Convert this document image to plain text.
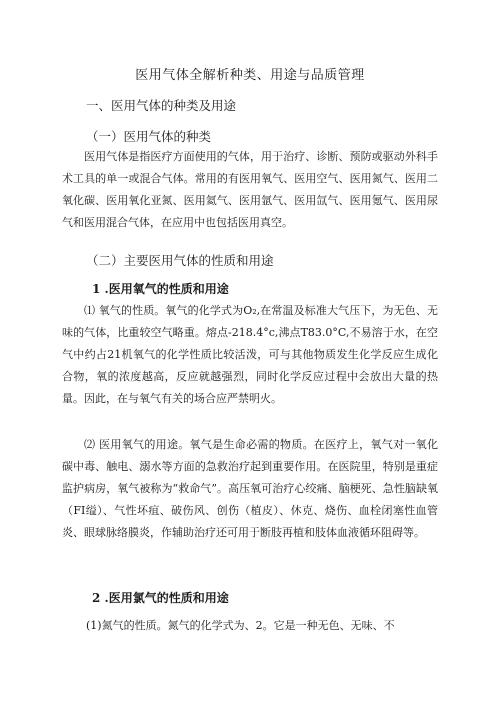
医用气体全解析种类、用途与品质管理
一、医用气体的种类及用途
（一）医用气体的种类

医用气体是指医疗方面使用的气体，用于治疗、诊断、预防或驱动外科手术工具的单一或混合气体。常用的有医用氧气、医用空气、医用氮气、医用二氧化碳、医用氧化亚氮、医用氦气、医用氩气、医用氙气、医用氪气、医用尿气和医用混合气体，在应用中也包括医用真空。

（二）主要医用气体的性质和用途
1 .医用氧气的性质和用途

⑴ 氧气的性质。氧气的化学式为O₂,在常温及标准大气压下，为无色、无味的气体，比重较空气略重。熔点-218.4°c,沸点T83.0°C,不易溶于水，在空气中约占21机氧气的化学性质比较活泼，可与其他物质发生化学反应生成化合物，氧的浓度越高，反应就越强烈，同时化学反应过程中会放出大量的热量。因此，在与氧气有关的场合应严禁明火。

⑵ 医用氧气的用途。氧气是生命必需的物质。在医疗上，氧气对一氧化碳中毒、触电、溺水等方面的急救治疗起到重要作用。在医院里，特别是重症监护病房，氧气被称为“救命气”。高压氧可治疗心绞痛、脑梗死、急性脑缺氧（FI缢）、气性坏疽、破伤风、创伤（植皮）、休克、烧伤、血栓闭塞性血管炎、眼球脉络膜炎，作辅助治疗还可用于断肢再植和肢体血液循环阻碍等。

2 .医用氯气的性质和用途
(1)氮气的性质。氮气的化学式为、2。它是一种无色、无味、不
